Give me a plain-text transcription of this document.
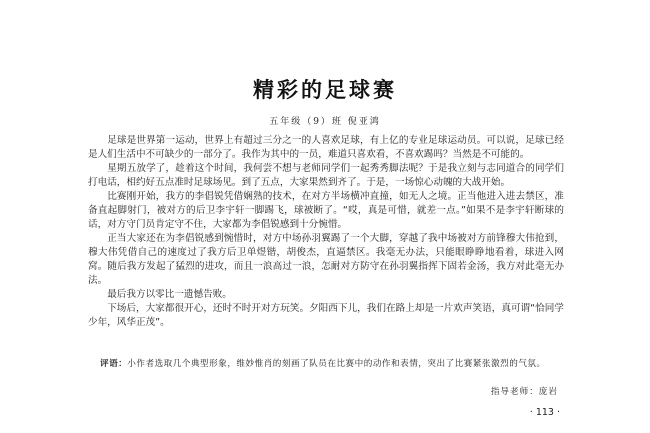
精彩的足球赛
五年级（9）班 倪亚鸿

足球是世界第一运动，世界上有超过三分之一的人喜欢足球，有上亿的专业足球运动员。可以说，足球已经是人们生活中不可缺少的一部分了。我作为其中的一员，难道只喜欢看，不喜欢踢吗？当然是不可能的。

星期五放学了，趁着这个时间，我何尝不想与老师同学们一起秀秀脚法呢？于是我立刻与志同道合的同学们打电话，相约好五点准时足球场见。到了五点，大家果然到齐了。于是，一场惊心动魄的大战开始。

比赛刚开始，我方的李倡锐凭借娴熟的技术，在对方半场横冲直撞，如无人之境。正当他进入进去禁区，准备直起脚射门，被对方的后卫李宇轩一脚踢飞，球被断了。“哎，真是可惜，就差一点。”如果不是李宇轩断球的话，对方守门员肯定守不住，大家都为李倡锐感到十分惋惜。

正当大家还在为李倡锐感到惋惜时，对方中场孙羽翼踢了一个大脚，穿越了我中场被对方前锋穆大伟抢到，穆大伟凭借自己的速度过了我方后卫单煜锴，胡俊杰，直逼禁区。我毫无办法，只能眼睁睁地看着，球进入网窝。随后我方发起了猛烈的进攻，而且一浪高过一浪，怎耐对方防守在孙羽翼指挥下固若金汤，我方对此毫无办法。

最后我方以零比一遗憾告败。

下场后，大家都很开心，还时不时开对方玩笑。夕阳西下儿，我们在路上却是一片欢声笑语，真可谓“恰同学少年，风华正茂”。

评语：小作者选取几个典型形象，维妙惟肖的刻画了队员在比赛中的动作和表情，突出了比赛紧张激烈的气氛。
指导老师：庞岩
· 113 ·
